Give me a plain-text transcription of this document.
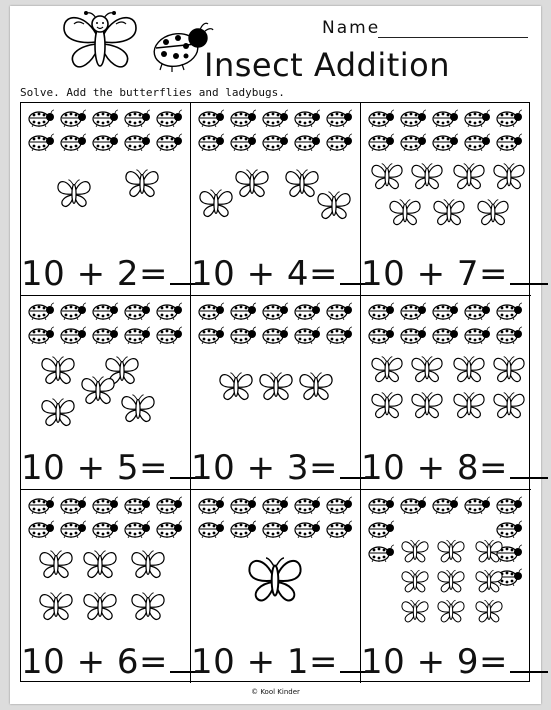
Insect Addition
Name
Solve. Add the butterflies and ladybugs.
10 + 2= 10 + 4= 10 + 7=
10 + 5= 10 + 3= 10 + 8=
10 + 6= 10 + 1= 10 + 9=
© Kool Kinder
